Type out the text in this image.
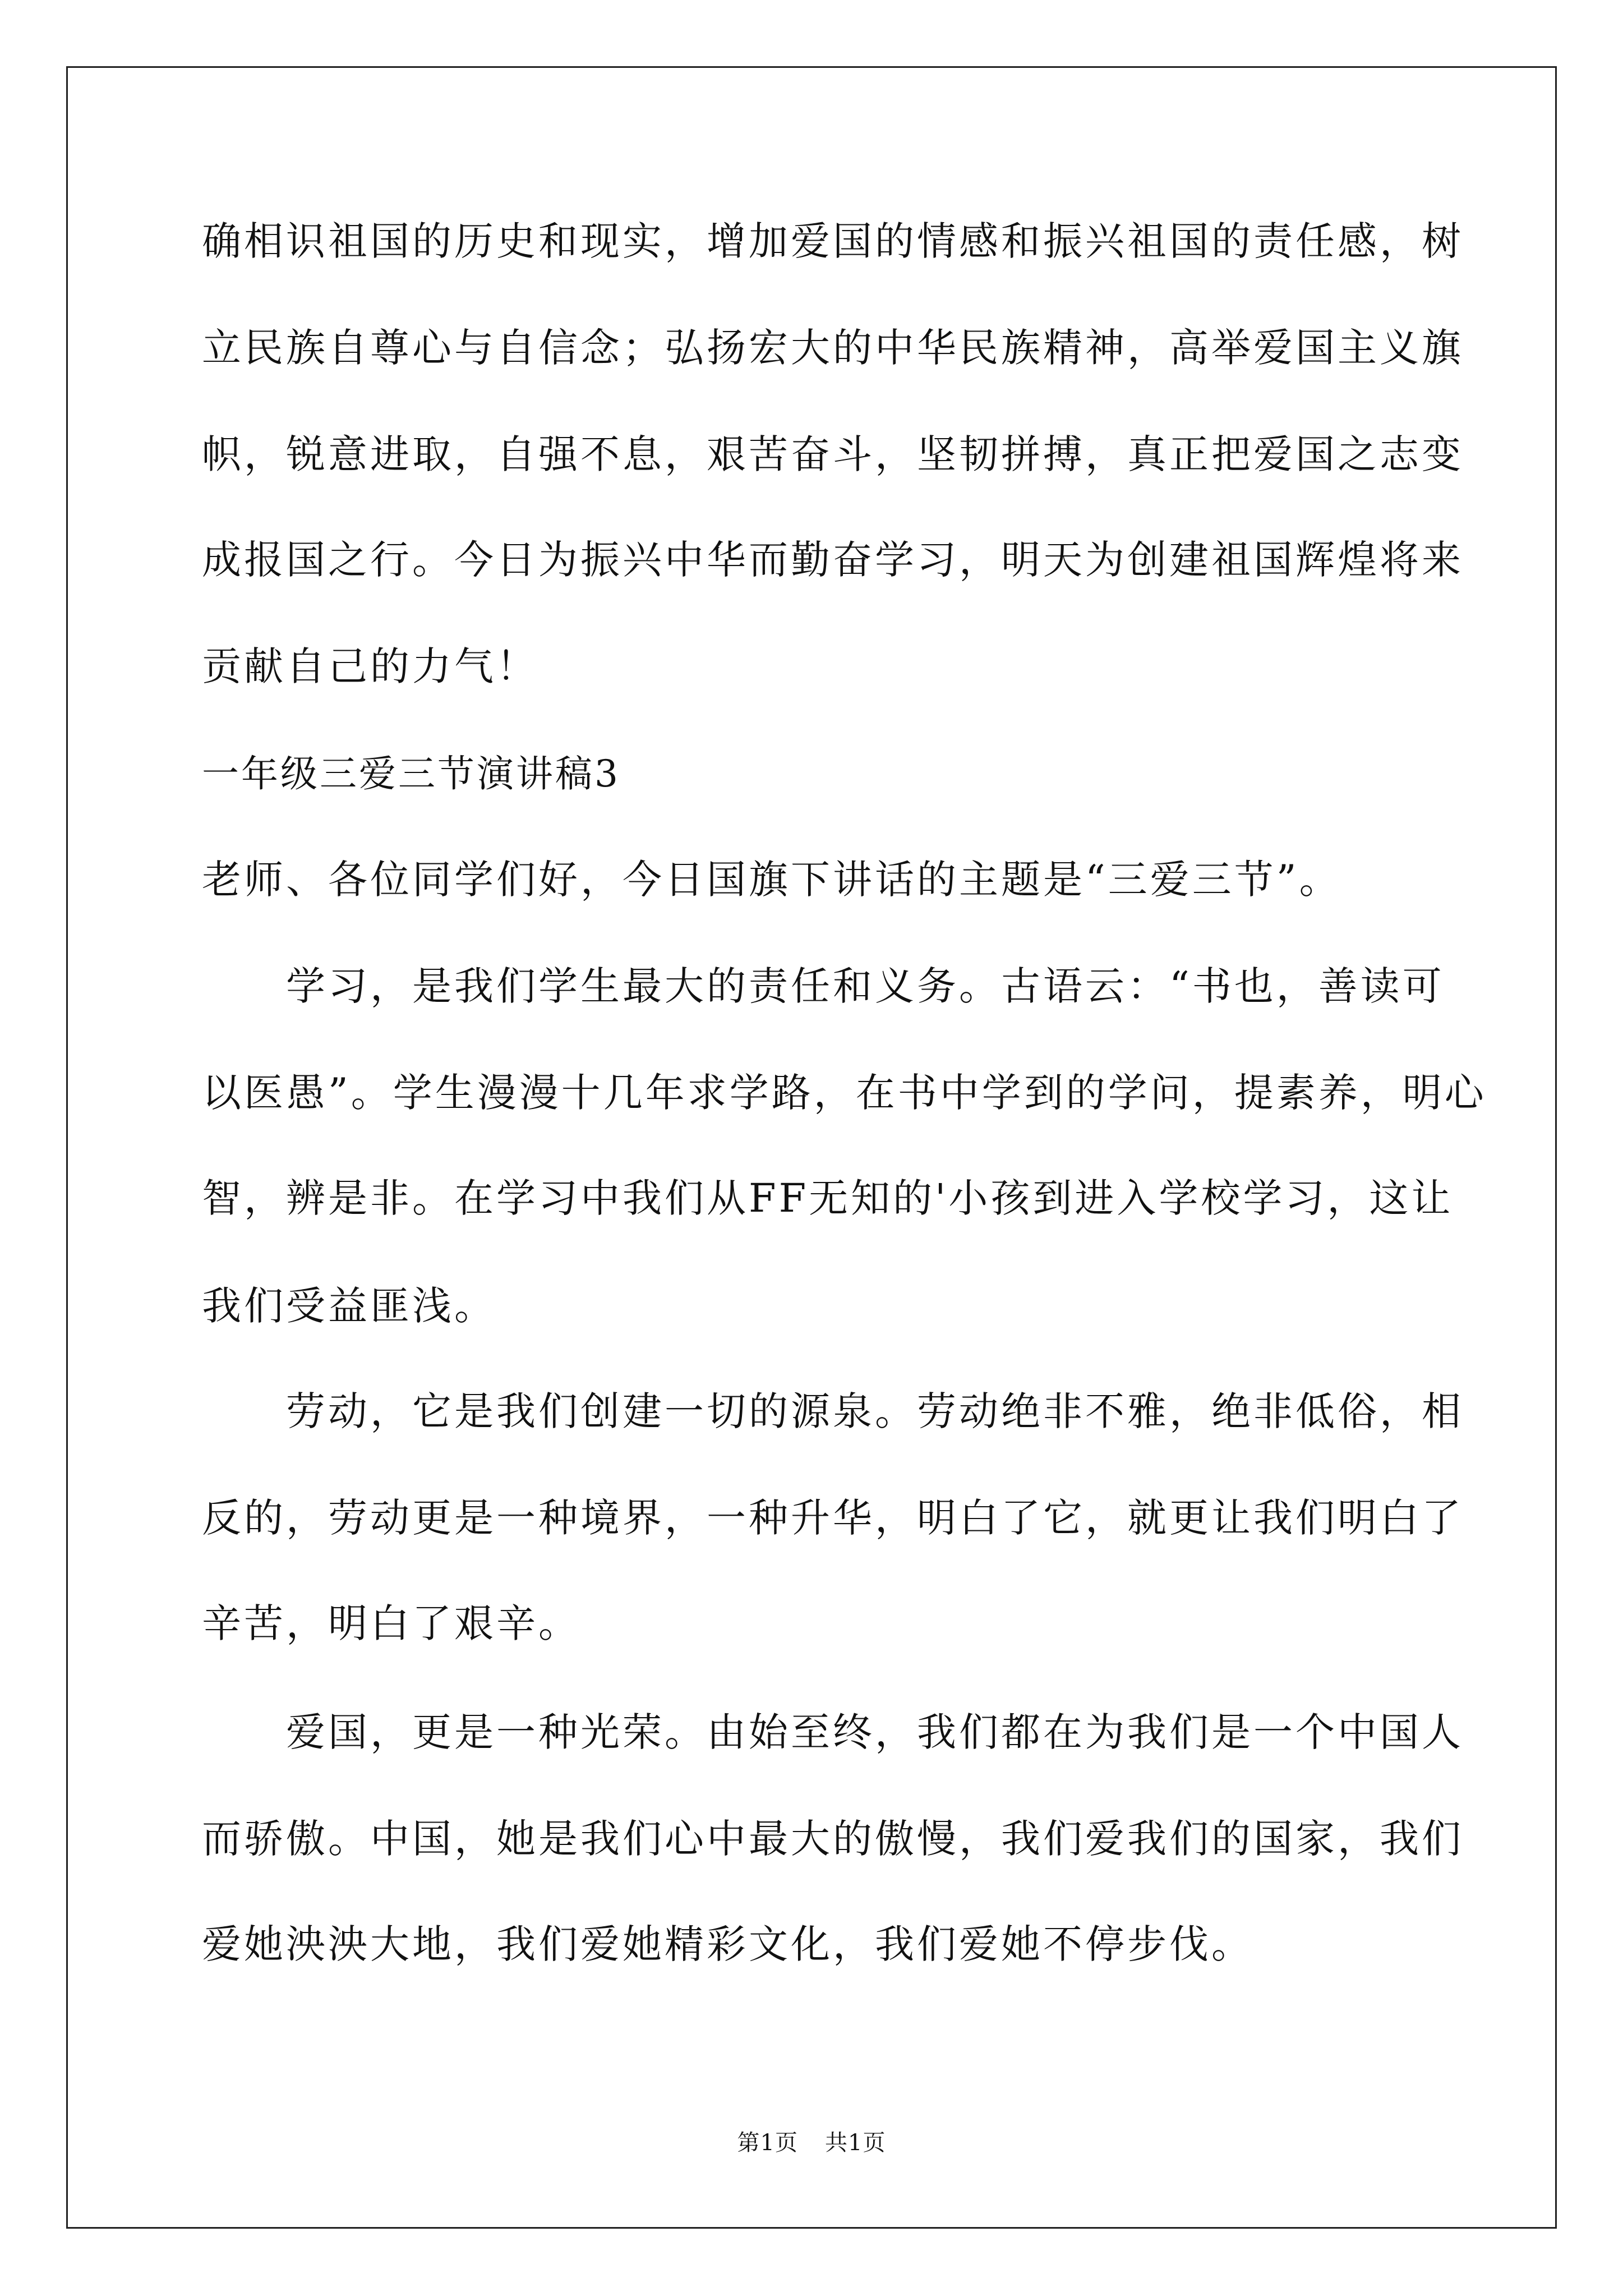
确相识祖国的历史和现实，增加爱国的情感和振兴祖国的责任感，树
立民族自尊心与自信念；弘扬宏大的中华民族精神，高举爱国主义旗
帜，锐意进取，自强不息，艰苦奋斗，坚韧拼搏，真正把爱国之志变
成报国之行。今日为振兴中华而勤奋学习，明天为创建祖国辉煌将来
贡献自己的力气！
一年级三爱三节演讲稿3
老师、各位同学们好，今日国旗下讲话的主题是“三爱三节”。
学习，是我们学生最大的责任和义务。古语云：“书也，善读可
以医愚”。学生漫漫十几年求学路，在书中学到的学问，提素养，明心
智，辨是非。在学习中我们从FF无知的'小孩到进入学校学习，这让
我们受益匪浅。
劳动，它是我们创建一切的源泉。劳动绝非不雅，绝非低俗，相
反的，劳动更是一种境界，一种升华，明白了它，就更让我们明白了
辛苦，明白了艰辛。
爱国，更是一种光荣。由始至终，我们都在为我们是一个中国人
而骄傲。中国，她是我们心中最大的傲慢，我们爱我们的国家，我们
爱她泱泱大地，我们爱她精彩文化，我们爱她不停步伐。
第1页 共1页
